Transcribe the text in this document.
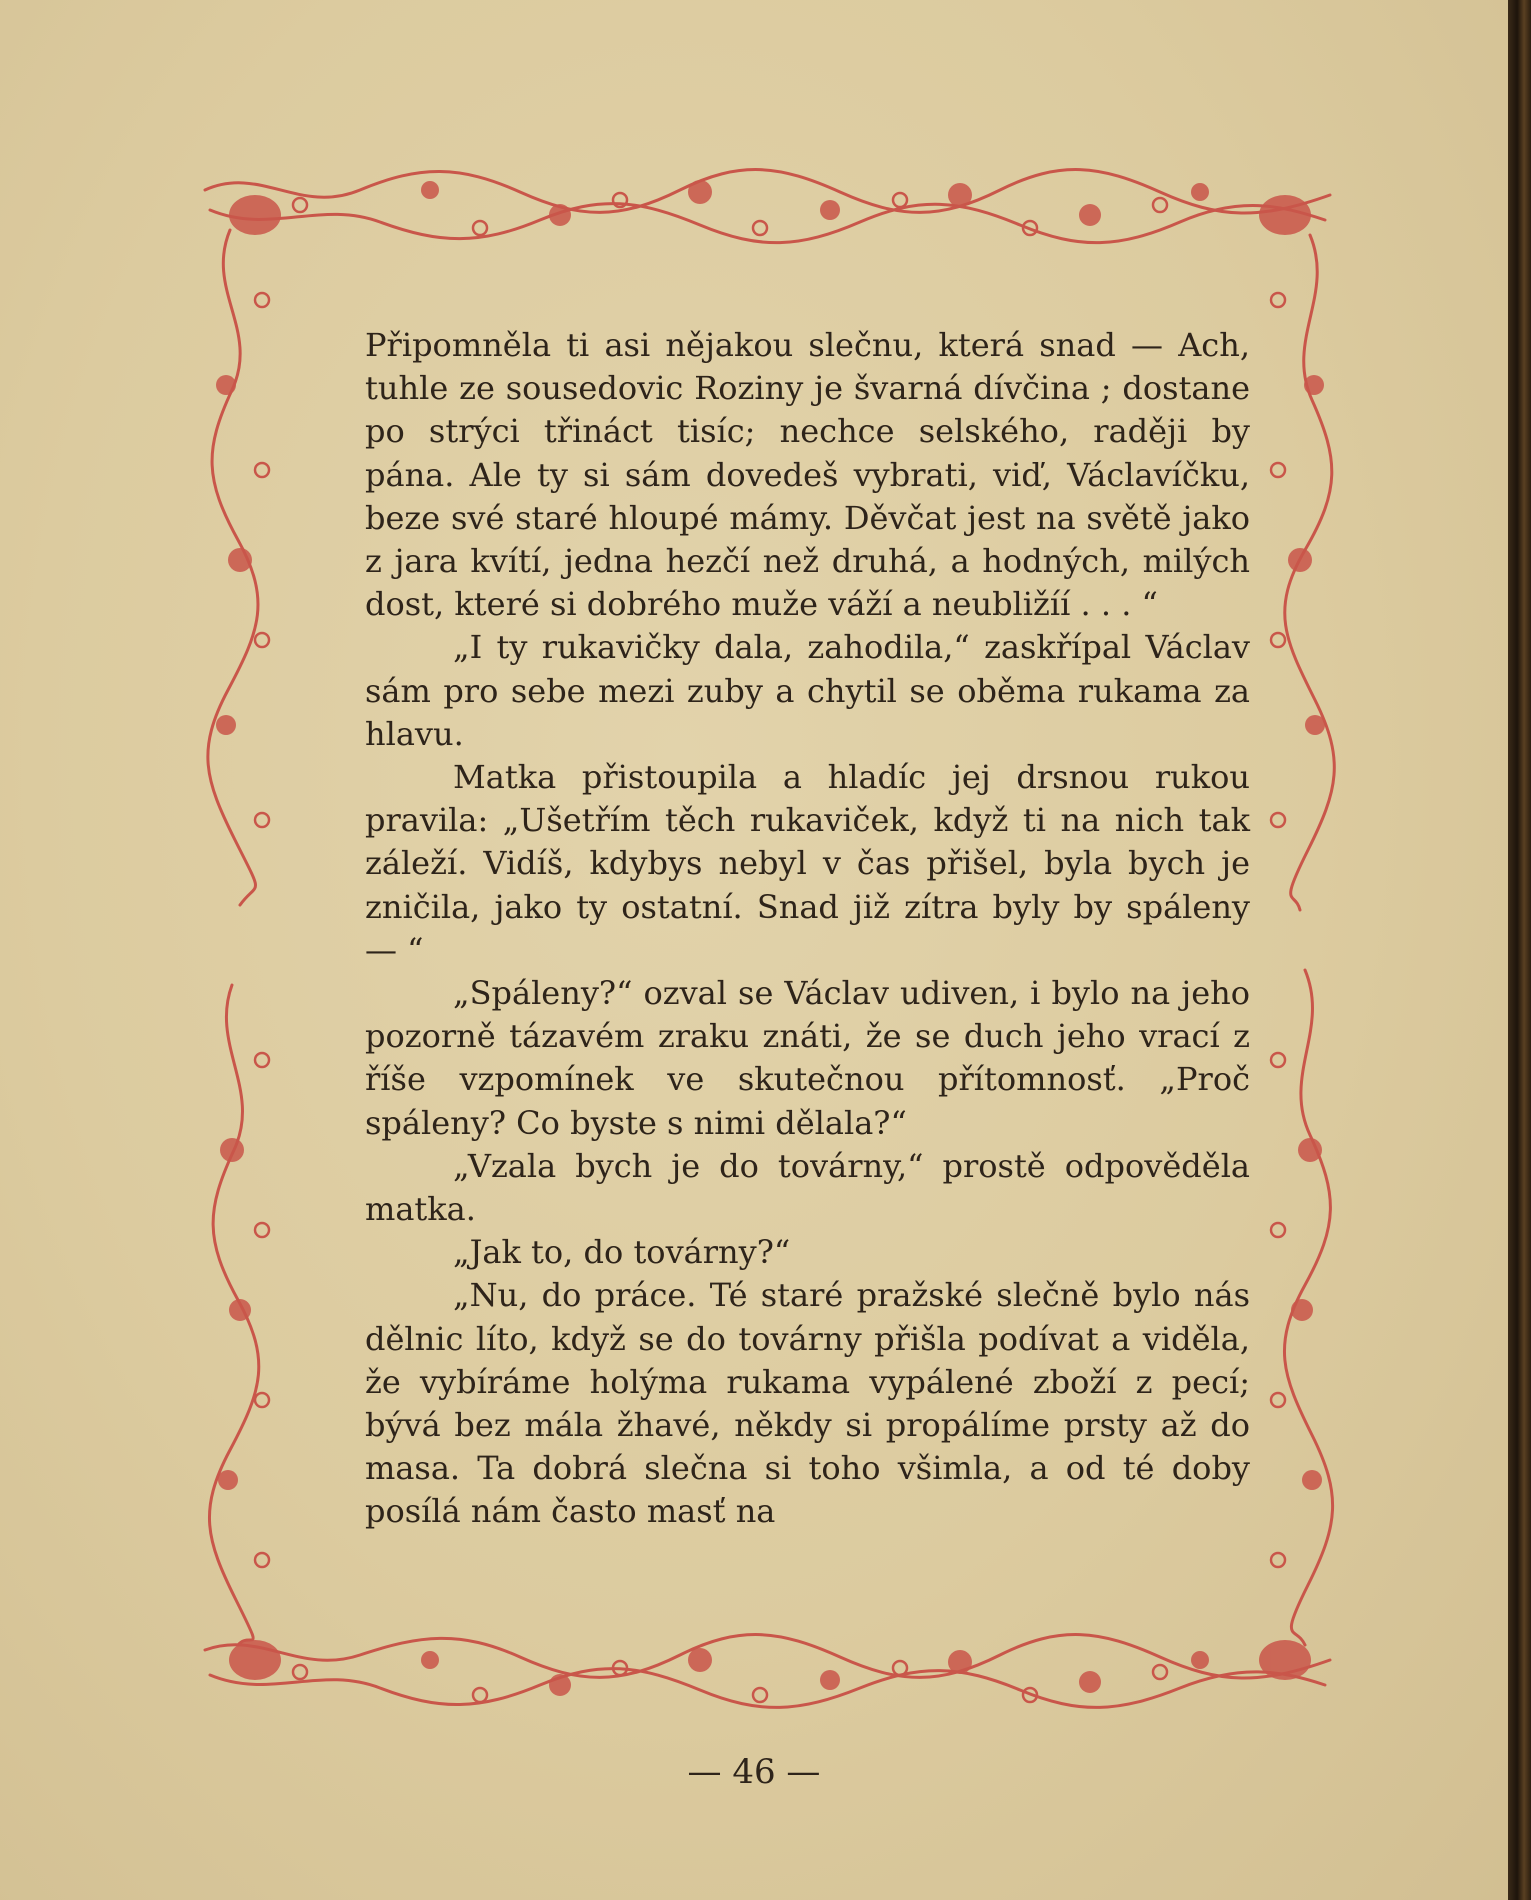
Připomněla ti asi nějakou slečnu, která snad — Ach, tuhle ze sousedovic Roziny je švarná dívčina ; dostane po strýci třináct tisíc; nechce selského, raději by pána. Ale ty si sám dovedeš vybrati, viď, Václavíčku, beze své staré hloupé mámy. Děvčat jest na světě jako z jara kvítí, jedna hezčí než druhá, a hodných, milých dost, které si dobrého muže váží a neubližíí . . . “

„I ty rukavičky dala, zahodila,“ zaskřípal Václav sám pro sebe mezi zuby a chytil se oběma rukama za hlavu.

Matka přistoupila a hladíc jej drsnou rukou pravila: „Ušetřím těch rukaviček, když ti na nich tak záleží. Vidíš, kdybys nebyl v čas přišel, byla bych je zničila, jako ty ostatní. Snad již zítra byly by spáleny — “

„Spáleny?“ ozval se Václav udiven, i bylo na jeho pozorně tázavém zraku znáti, že se duch jeho vrací z říše vzpomínek ve skutečnou přítomnosť. „Proč spáleny? Co byste s nimi dělala?“

„Vzala bych je do továrny,“ prostě odpověděla matka.

„Jak to, do továrny?“

„Nu, do práce. Té staré pražské slečně bylo nás dělnic líto, když se do továrny přišla podívat a viděla, že vybíráme holýma rukama vypálené zboží z pecí; bývá bez mála žhavé, někdy si propálíme prsty až do masa. Ta dobrá slečna si toho všimla, a od té doby posílá nám často masť na

— 46 —
